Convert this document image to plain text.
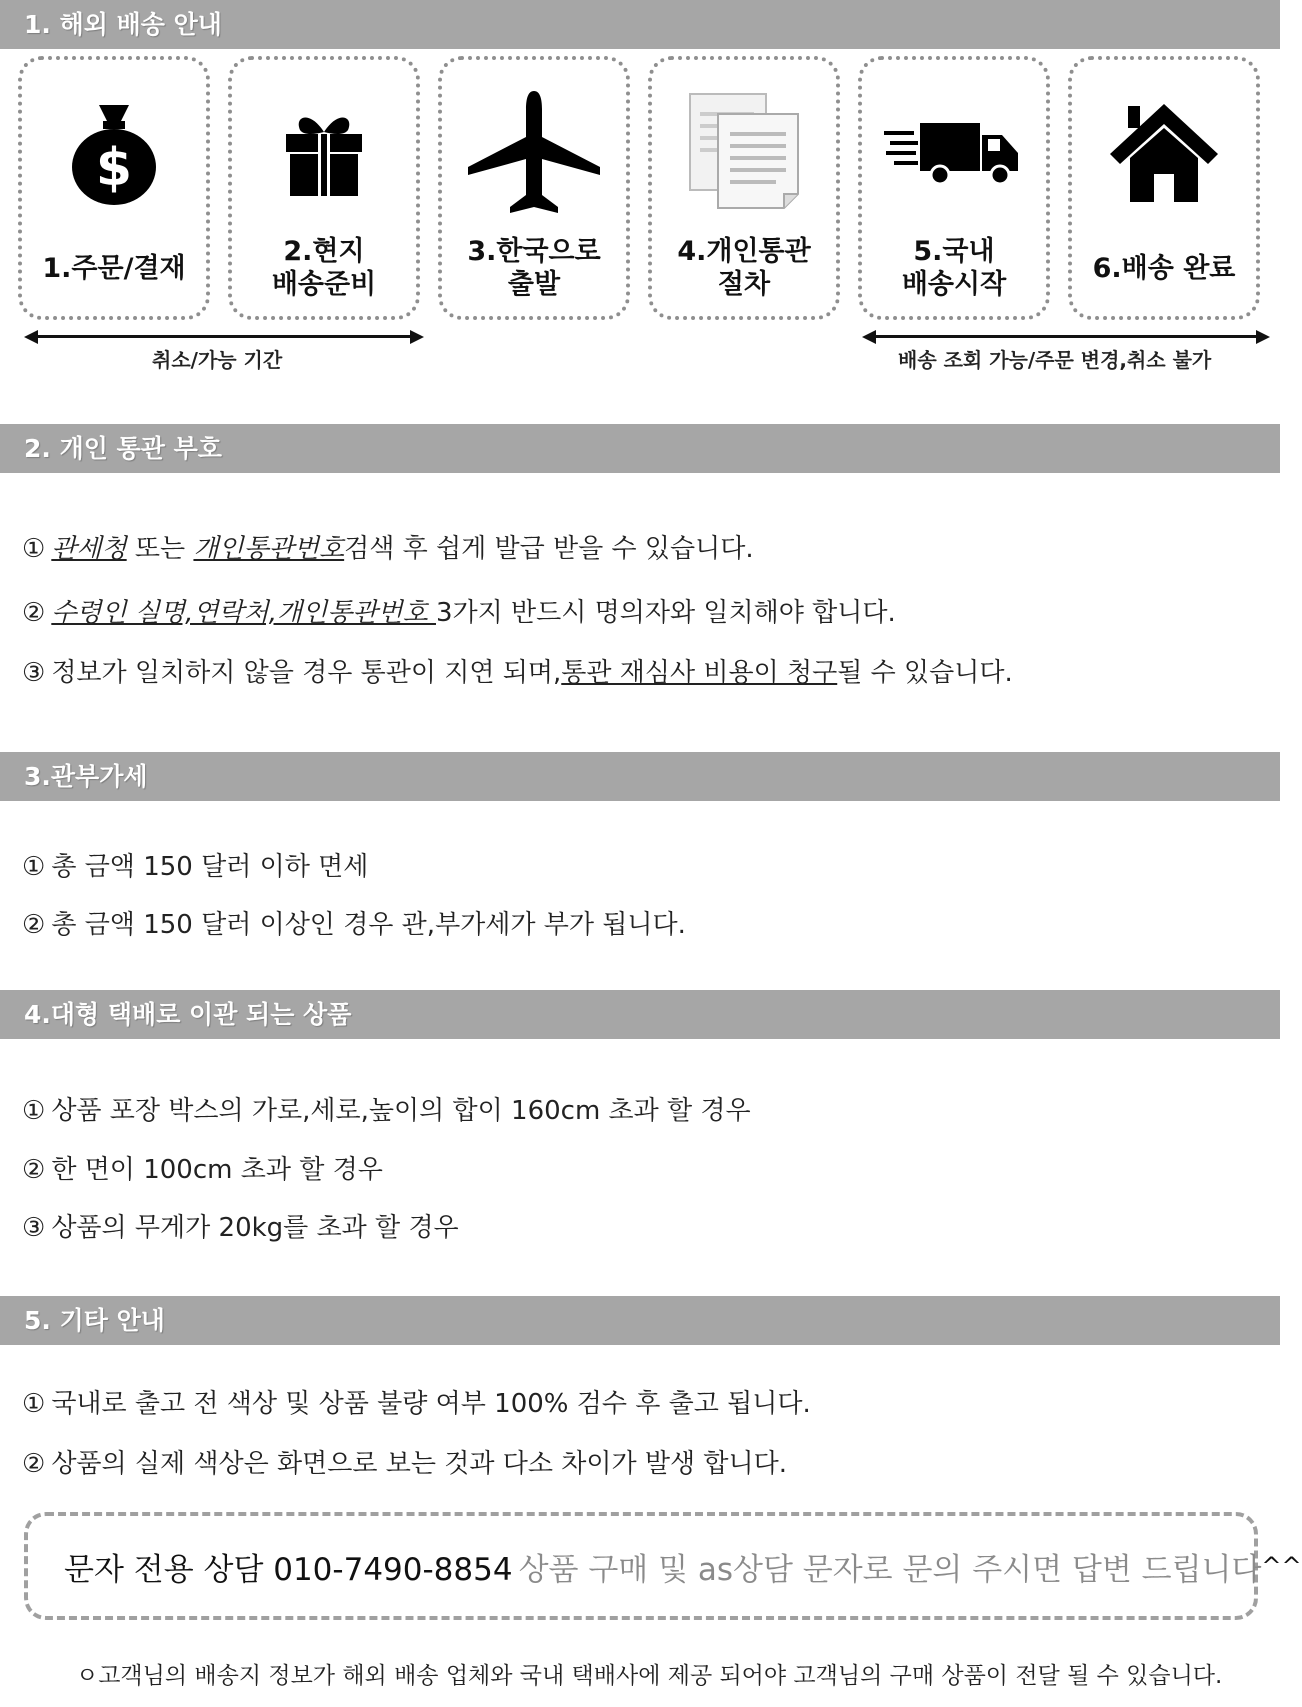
1. 해외 배송 안내
$
1.주문/결재
2.현지
배송준비
3.한국으로
출발
4.개인통관
절차
5.국내
배송시작
6.배송 완료
취소/가능 기간	배송 조회 가능/주문 변경,취소 불가
2. 개인 통관 부호
① 관세청 또는 개인통관번호검색 후 쉽게 발급 받을 수 있습니다.
② 수령인 실명,연락처,개인통관번호 3가지 반드시 명의자와 일치해야 합니다.
③ 정보가 일치하지 않을 경우 통관이 지연 되며,통관 재심사 비용이 청구될 수 있습니다.
3.관부가세
① 총 금액 150 달러 이하 면세
② 총 금액 150 달러 이상인 경우 관,부가세가 부가 됩니다.
4.대형 택배로 이관 되는 상품
① 상품 포장 박스의 가로,세로,높이의 합이 160cm 초과 할 경우
② 한 면이 100cm 초과 할 경우
③ 상품의 무게가 20kg를 초과 할 경우
5. 기타 안내
① 국내로 출고 전 색상 및 상품 불량 여부 100% 검수 후 출고 됩니다.
② 상품의 실제 색상은 화면으로 보는 것과 다소 차이가 발생 합니다.
문자 전용 상담 010-7490-8854 상품 구매 및 as상담 문자로 문의 주시면 답변 드립니다 ^^
ㅇ고객님의 배송지 정보가 해외 배송 업체와 국내 택배사에 제공 되어야 고객님의 구매 상품이 전달 될 수 있습니다.
